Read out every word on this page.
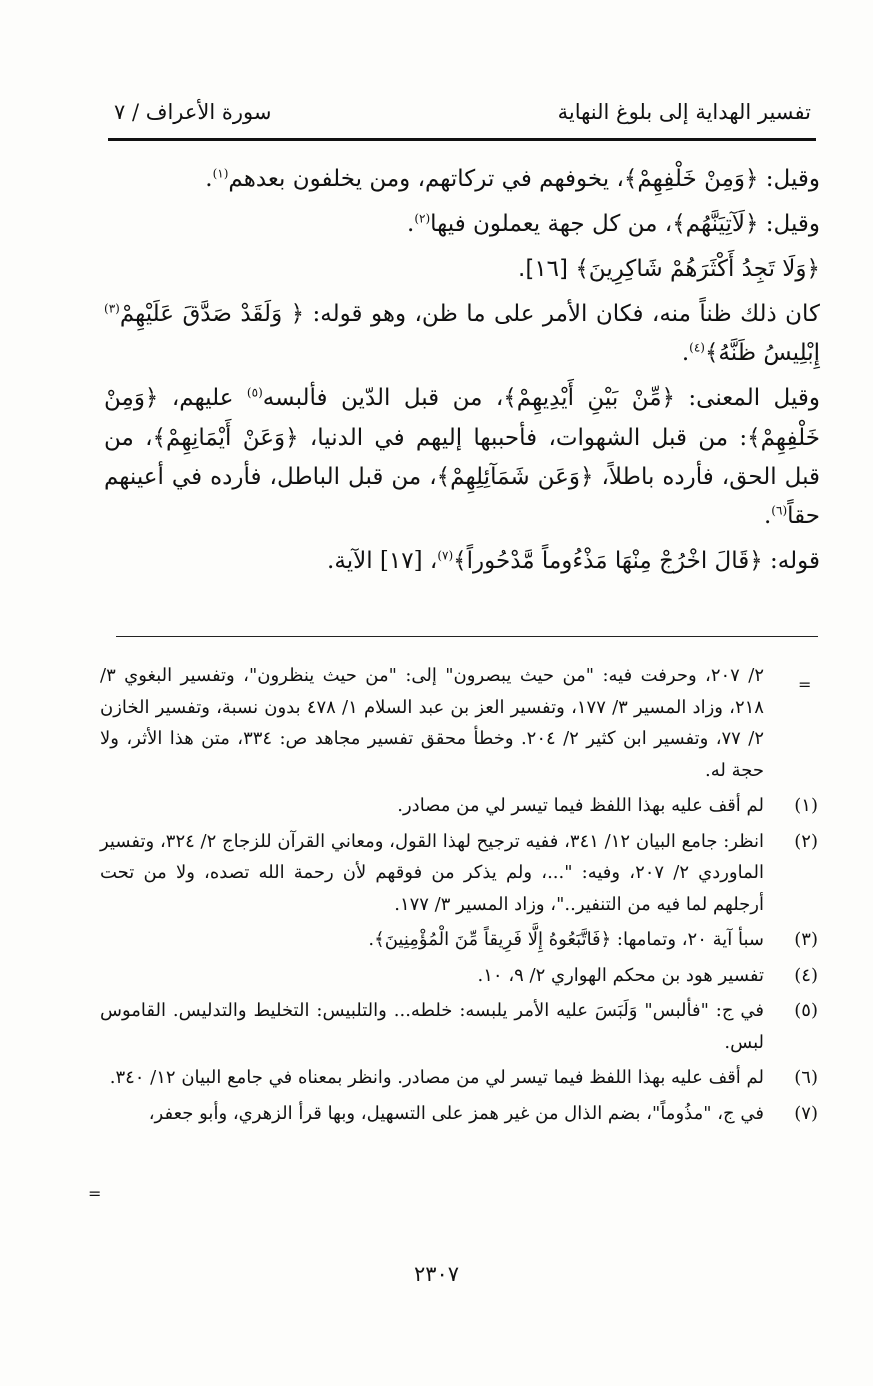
تفسير الهداية إلى بلوغ النهاية
سورة الأعراف / ٧

وقيل: ﴿وَمِنْ خَلْفِهِمْ﴾، يخوفهم في تركاتهم، ومن يخلفون بعدهم$^{(١)}$.

وقيل: ﴿لَآتِيَنَّهُم﴾، من كل جهة يعملون فيها$^{(٢)}$.

﴿وَلَا تَجِدُ أَكْثَرَهُمْ شَاكِرِينَ﴾ [١٦].

كان ذلك ظناً منه، فكان الأمر على ما ظن، وهو قوله: ﴿ وَلَقَدْ صَدَّقَ عَلَيْهِمْ$^{(٣)}$ إِبْلِيسُ ظَنَّهُ﴾$^{(٤)}$.

وقيل المعنى: ﴿مِّنْ بَيْنِ أَيْدِيهِمْ﴾، من قبل الدّين فألبسه$^{(٥)}$ عليهم، ﴿وَمِنْ خَلْفِهِمْ﴾: من قبل الشهوات، فأحببها إليهم في الدنيا، ﴿وَعَنْ أَيْمَانِهِمْ﴾، من قبل الحق، فأرده باطلاً، ﴿وَعَن شَمَآئِلِهِمْ﴾، من قبل الباطل، فأرده في أعينهم حقاً$^{(٦)}$.

قوله: ﴿قَالَ اخْرُجْ مِنْهَا مَذْءُوماً مَّدْحُوراً﴾$^{(٧)}$، [١٧] الآية.

=
٢/ ٢٠٧، وحرفت فيه: "من حيث يبصرون" إلى: "من حيث ينظرون"، وتفسير البغوي ٣/ ٢١٨، وزاد المسير ٣/ ١٧٧، وتفسير العز بن عبد السلام ١/ ٤٧٨ بدون نسبة، وتفسير الخازن ٢/ ٧٧، وتفسير ابن كثير ٢/ ٢٠٤. وخطأ محقق تفسير مجاهد ص: ٣٣٤، متن هذا الأثر، ولا حجة له.
(١)
لم أقف عليه بهذا اللفظ فيما تيسر لي من مصادر.
(٢)
انظر: جامع البيان ١٢/ ٣٤١، ففيه ترجيح لهذا القول، ومعاني القرآن للزجاج ٢/ ٣٢٤، وتفسير الماوردي ٢/ ٢٠٧، وفيه: "...، ولم يذكر من فوقهم لأن رحمة الله تصده، ولا من تحت أرجلهم لما فيه من التنفير.."، وزاد المسير ٣/ ١٧٧.
(٣)
سبأ آية ٢٠، وتمامها: ﴿فَاتَّبَعُوهُ إِلَّا فَرِيقاً مِّنَ الْمُؤْمِنِينَ﴾.
(٤)
تفسير هود بن محكم الهواري ٢/ ٩، ١٠.
(٥)
في ج: "فألبس" وَلَبَسَ عليه الأمر يلبسه: خلطه... والتلبيس: التخليط والتدليس. القاموس لبس.
(٦)
لم أقف عليه بهذا اللفظ فيما تيسر لي من مصادر. وانظر بمعناه في جامع البيان ١٢/ ٣٤٠.
(٧)
في ج، "مذُوماً"، بضم الذال من غير همز على التسهيل، وبها قرأ الزهري، وأبو جعفر،
=
٢٣٠٧
